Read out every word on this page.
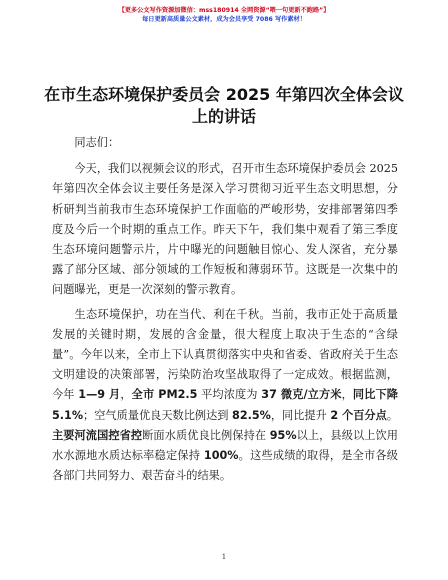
【更多公文写作资源加微信：mss180914 全网资源“喂一句更新不跑路”】
每日更新高质量公文素材，成为会员享受 7086 写作素材！
在市生态环境保护委员会 2025 年第四次全体会议上的讲话

同志们：

今天，我们以视频会议的形式，召开市生态环境保护委员会 2025 年第四次全体会议主要任务是深入学习贯彻习近平生态文明思想，分析研判当前我市生态环境保护工作面临的严峻形势，安排部署第四季度及今后一个时期的重点工作。昨天下午，我们集中观看了第三季度生态环境问题警示片，片中曝光的问题触目惊心、发人深省，充分暴露了部分区域、部分领域的工作短板和薄弱环节。这既是一次集中的问题曝光，更是一次深刻的警示教育。

生态环境保护，功在当代、利在千秋。当前，我市正处于高质量发展的关键时期，发展的含金量，很大程度上取决于生态的“含绿量”。今年以来，全市上下认真贯彻落实中央和省委、省政府关于生态文明建设的决策部署，污染防治攻坚战取得了一定成效。根据监测，今年 1—9 月，全市 PM2.5 平均浓度为 37 微克/立方米，同比下降 5.1%；空气质量优良天数比例达到 82.5%，同比提升 2 个百分点。主要河流国控省控断面水质优良比例保持在 95%以上，县级以上饮用水水源地水质达标率稳定保持 100%。这些成绩的取得，是全市各级各部门共同努力、艰苦奋斗的结果。

1
